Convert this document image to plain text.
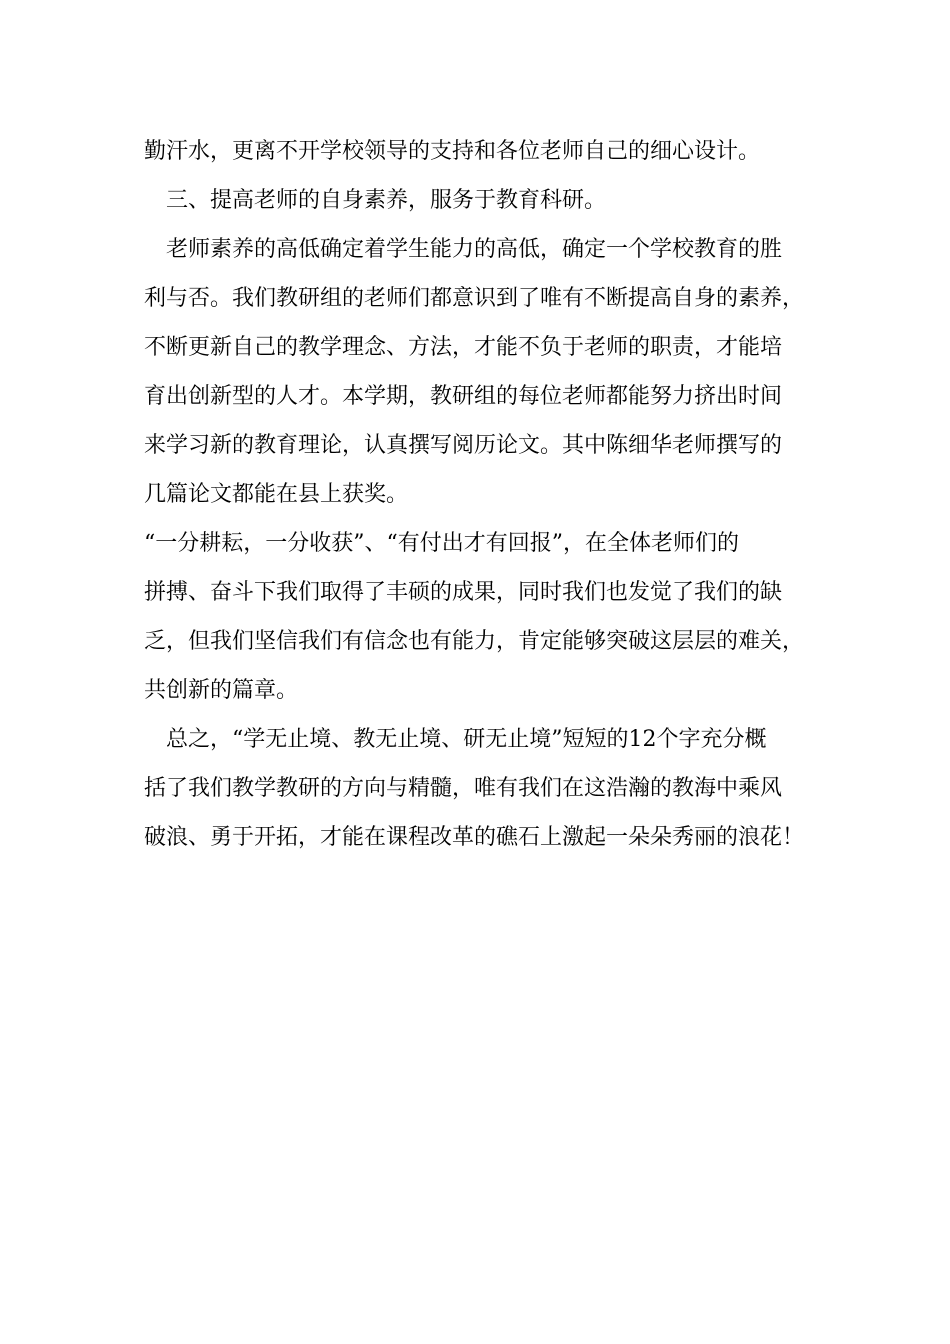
勤汗水，更离不开学校领导的支持和各位老师自己的细心设计。
　三、提高老师的自身素养，服务于教育科研。
　老师素养的高低确定着学生能力的高低，确定一个学校教育的胜
利与否。我们教研组的老师们都意识到了唯有不断提高自身的素养，
不断更新自己的教学理念、方法，才能不负于老师的职责，才能培
育出创新型的人才。本学期，教研组的每位老师都能努力挤出时间
来学习新的教育理论，认真撰写阅历论文。其中陈细华老师撰写的
几篇论文都能在县上获奖。
“一分耕耘，一分收获”、“有付出才有回报”，在全体老师们的
拼搏、奋斗下我们取得了丰硕的成果，同时我们也发觉了我们的缺
乏，但我们坚信我们有信念也有能力，肯定能够突破这层层的难关，
共创新的篇章。
　总之，“学无止境、教无止境、研无止境”短短的12个字充分概
括了我们教学教研的方向与精髓，唯有我们在这浩瀚的教海中乘风
破浪、勇于开拓，才能在课程改革的礁石上激起一朵朵秀丽的浪花！
